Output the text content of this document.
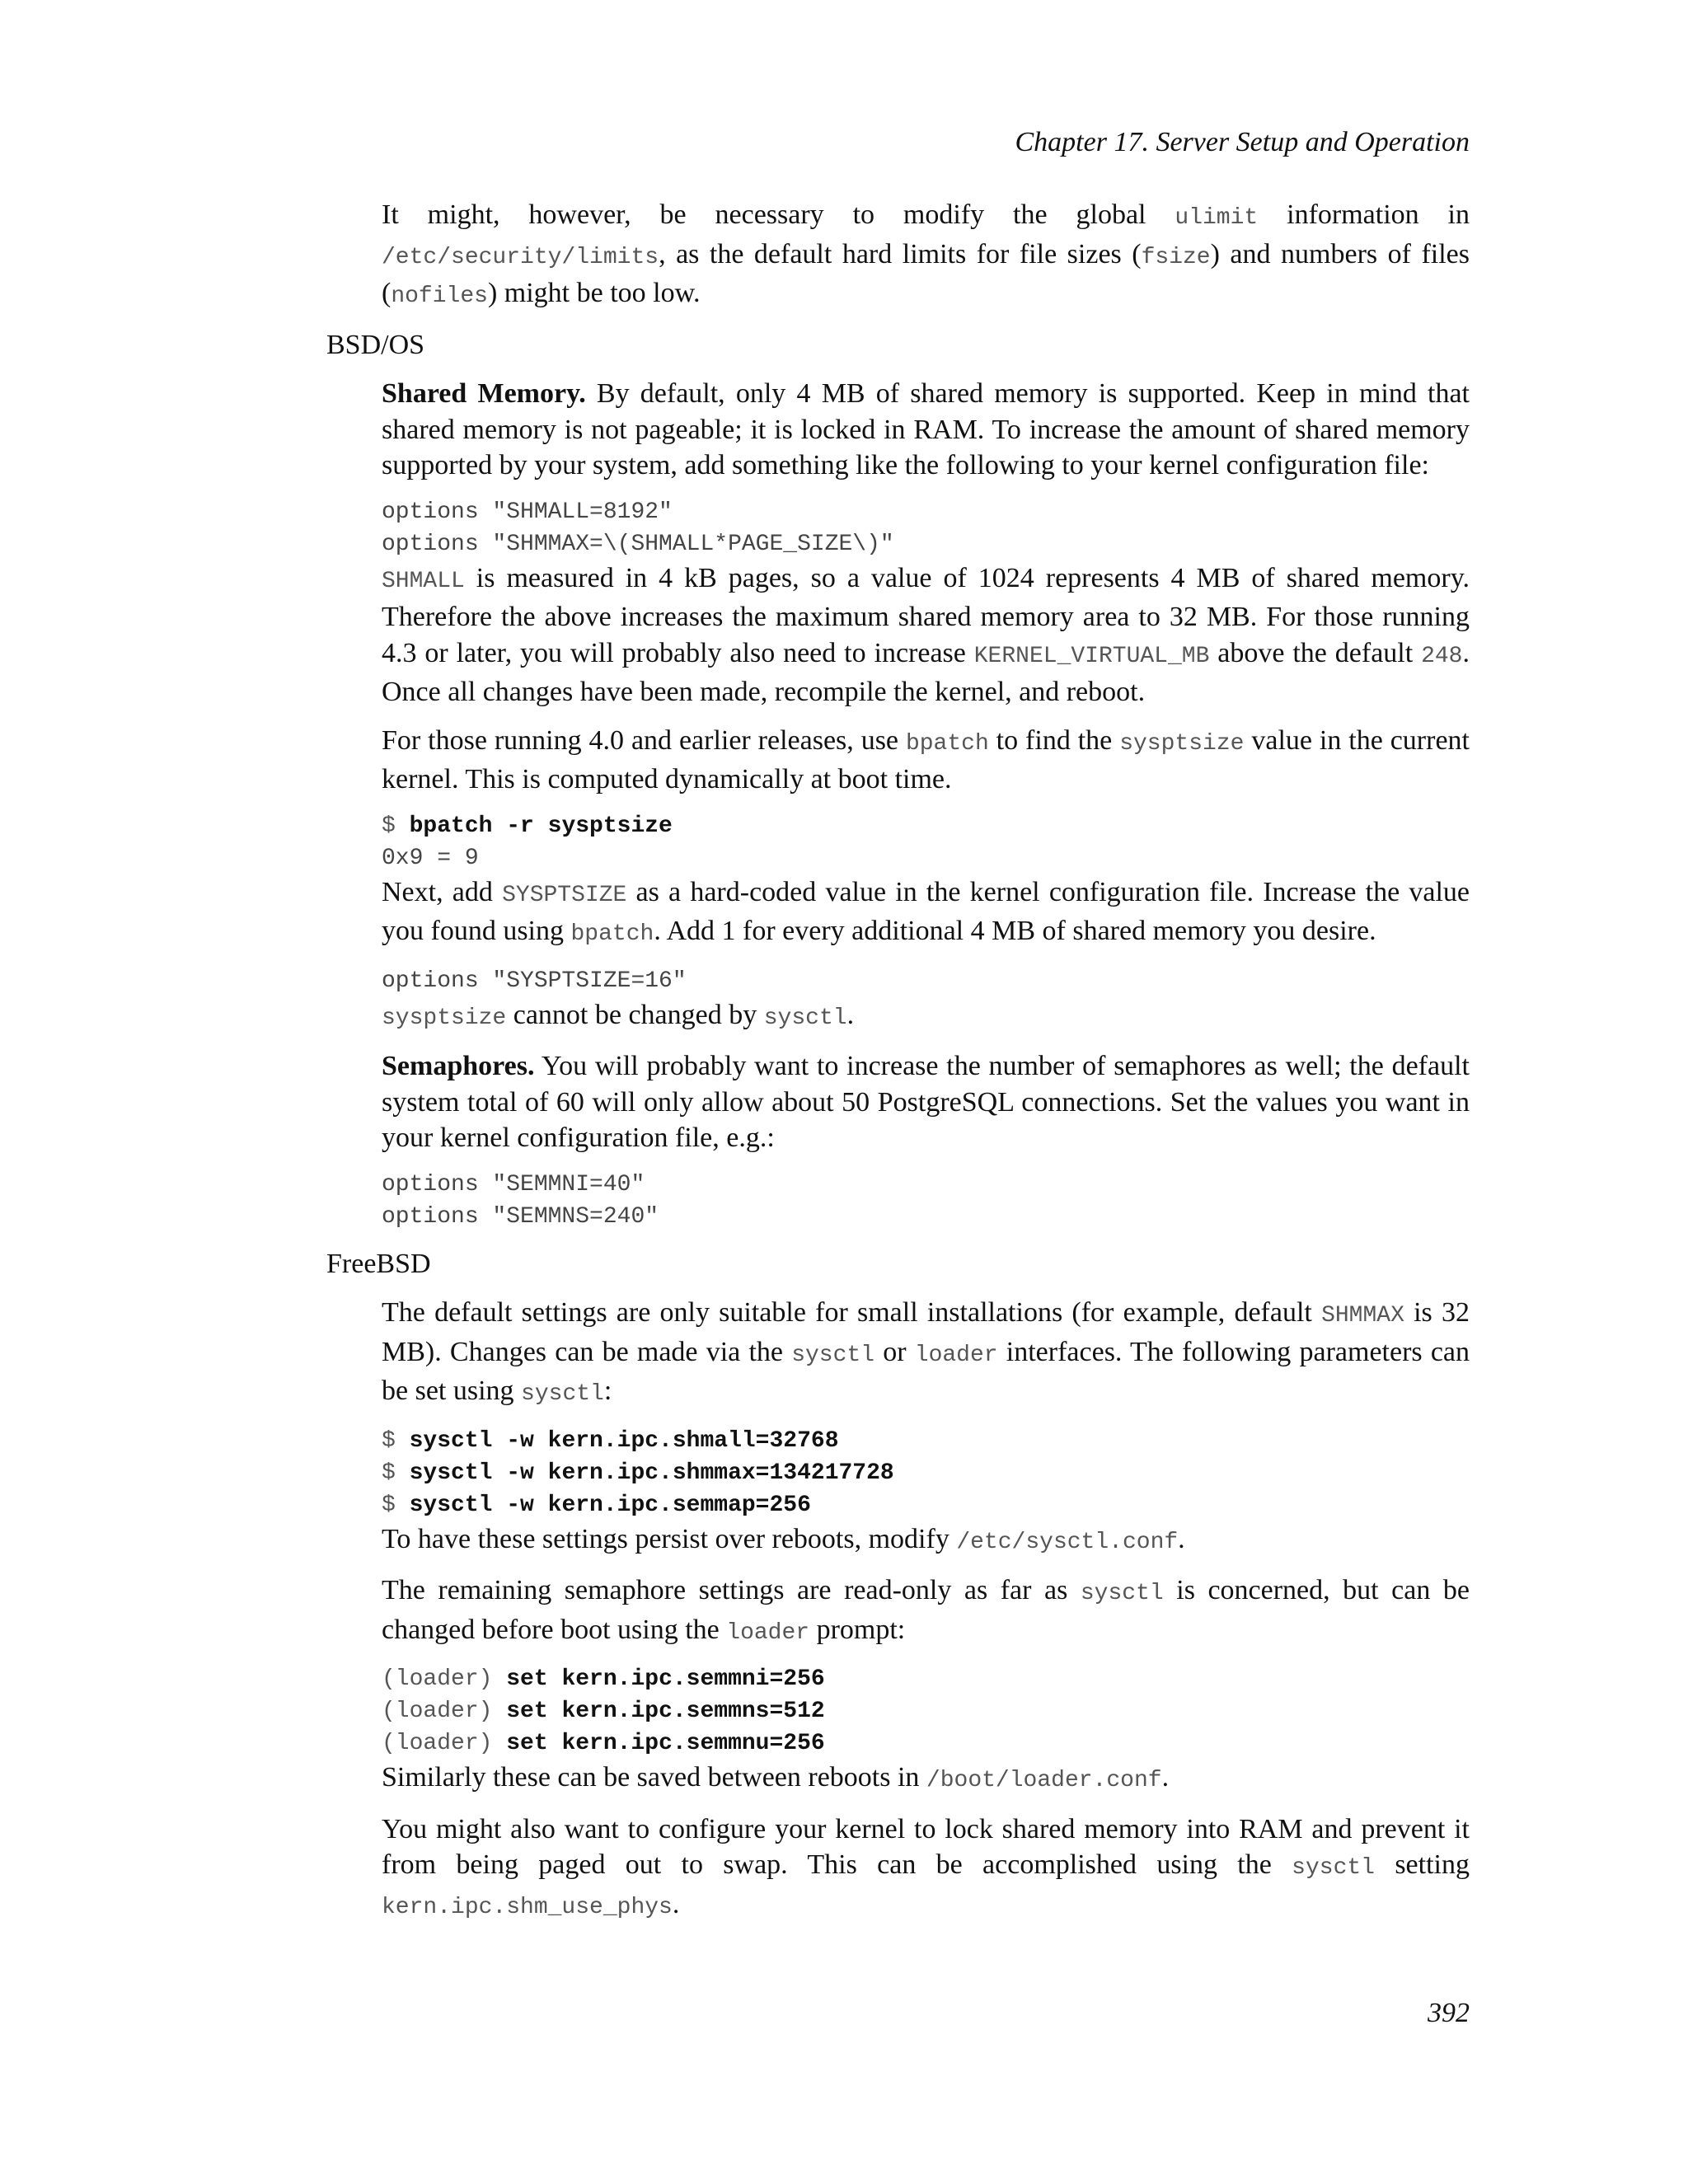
Chapter 17. Server Setup and Operation

It might, however, be necessary to modify the global ulimit information in /etc/security/limits, as the default hard limits for file sizes (fsize) and numbers of files (nofiles) might be too low.

BSD/OS

Shared Memory. By default, only 4 MB of shared memory is supported. Keep in mind that shared memory is not pageable; it is locked in RAM. To increase the amount of shared memory supported by your system, add something like the following to your kernel configuration file:

options "SHMALL=8192"
options "SHMMAX=\(SHMALL*PAGE_SIZE\)"

SHMALL is measured in 4 kB pages, so a value of 1024 represents 4 MB of shared memory. Therefore the above increases the maximum shared memory area to 32 MB. For those running 4.3 or later, you will probably also need to increase KERNEL_VIRTUAL_MB above the default 248. Once all changes have been made, recompile the kernel, and reboot.

For those running 4.0 and earlier releases, use bpatch to find the sysptsize value in the current kernel. This is computed dynamically at boot time.

$ bpatch -r sysptsize
0x9 = 9

Next, add SYSPTSIZE as a hard-coded value in the kernel configuration file. Increase the value you found using bpatch. Add 1 for every additional 4 MB of shared memory you desire.

options "SYSPTSIZE=16"

sysptsize cannot be changed by sysctl.

Semaphores. You will probably want to increase the number of semaphores as well; the default system total of 60 will only allow about 50 PostgreSQL connections. Set the values you want in your kernel configuration file, e.g.:

options "SEMMNI=40"
options "SEMMNS=240"
FreeBSD

The default settings are only suitable for small installations (for example, default SHMMAX is 32 MB). Changes can be made via the sysctl or loader interfaces. The following parameters can be set using sysctl:

$ sysctl -w kern.ipc.shmall=32768
$ sysctl -w kern.ipc.shmmax=134217728
$ sysctl -w kern.ipc.semmap=256

To have these settings persist over reboots, modify /etc/sysctl.conf.

The remaining semaphore settings are read-only as far as sysctl is concerned, but can be changed before boot using the loader prompt:

(loader) set kern.ipc.semmni=256
(loader) set kern.ipc.semmns=512
(loader) set kern.ipc.semmnu=256

Similarly these can be saved between reboots in /boot/loader.conf.

You might also want to configure your kernel to lock shared memory into RAM and prevent it from being paged out to swap. This can be accomplished using the sysctl setting kern.ipc.shm_use_phys.

392
